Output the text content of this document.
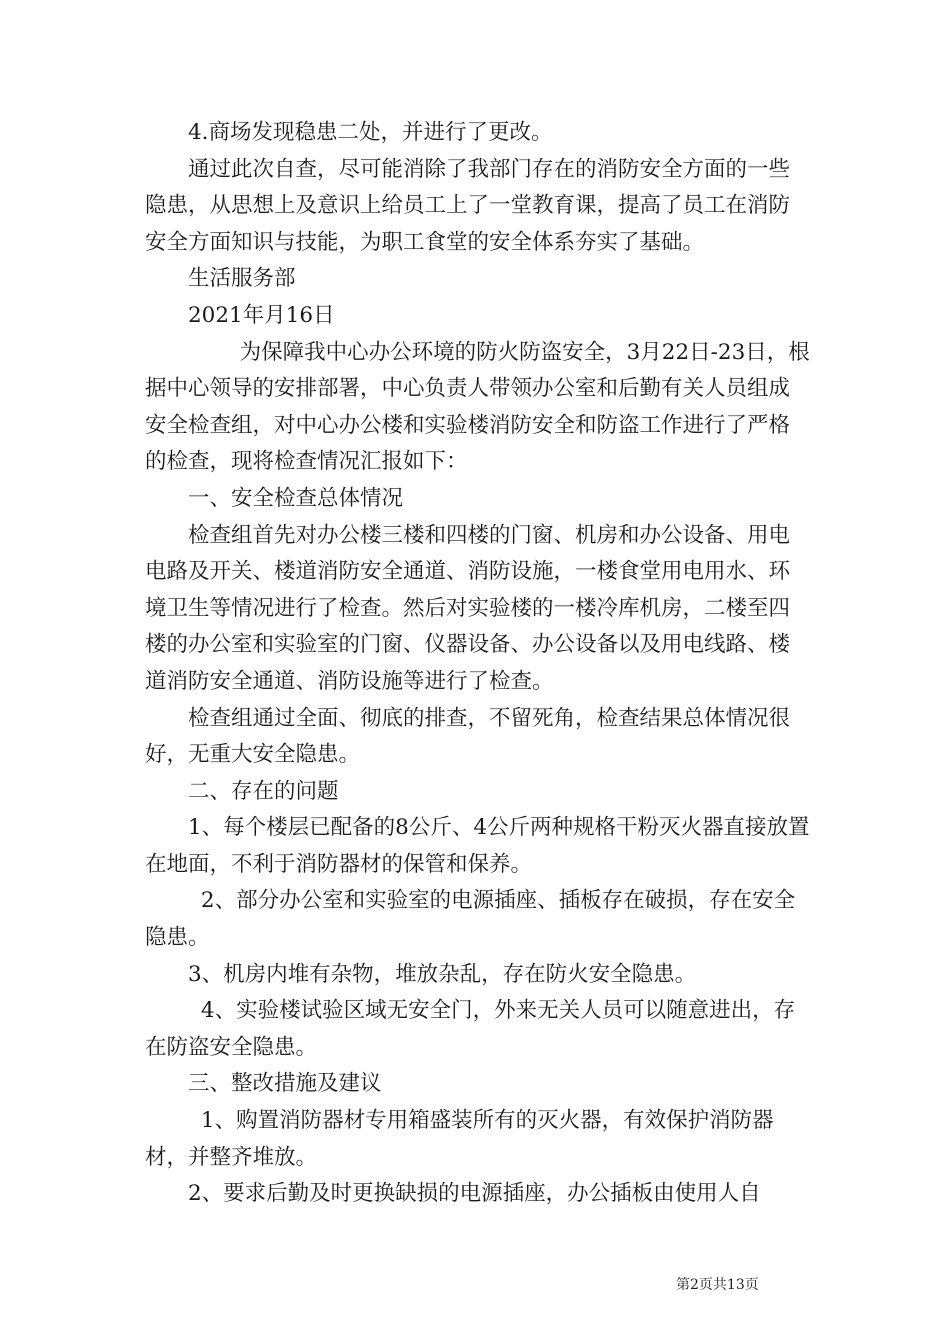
4.商场发现稳患二处，并进行了更改。

通过此次自查，尽可能消除了我部门存在的消防安全方面的一些隐患，从思想上及意识上给员工上了一堂教育课，提高了员工在消防安全方面知识与技能，为职工食堂的安全体系夯实了基础。

生活服务部

2021年月16日

为保障我中心办公环境的防火防盗安全，3月22日-23日，根据中心领导的安排部署，中心负责人带领办公室和后勤有关人员组成安全检查组，对中心办公楼和实验楼消防安全和防盗工作进行了严格的检查，现将检查情况汇报如下：

一、安全检查总体情况

检查组首先对办公楼三楼和四楼的门窗、机房和办公设备、用电电路及开关、楼道消防安全通道、消防设施，一楼食堂用电用水、环境卫生等情况进行了检查。然后对实验楼的一楼冷库机房，二楼至四楼的办公室和实验室的门窗、仪器设备、办公设备以及用电线路、楼道消防安全通道、消防设施等进行了检查。

检查组通过全面、彻底的排查，不留死角，检查结果总体情况很好，无重大安全隐患。

二、存在的问题

1、每个楼层已配备的8公斤、4公斤两种规格干粉灭火器直接放置在地面，不利于消防器材的保管和保养。

2、部分办公室和实验室的电源插座、插板存在破损，存在安全隐患。

3、机房内堆有杂物，堆放杂乱，存在防火安全隐患。

4、实验楼试验区域无安全门，外来无关人员可以随意进出，存在防盗安全隐患。

三、整改措施及建议

1、购置消防器材专用箱盛装所有的灭火器，有效保护消防器材，并整齐堆放。

2、要求后勤及时更换缺损的电源插座，办公插板由使用人自

第2页共13页
